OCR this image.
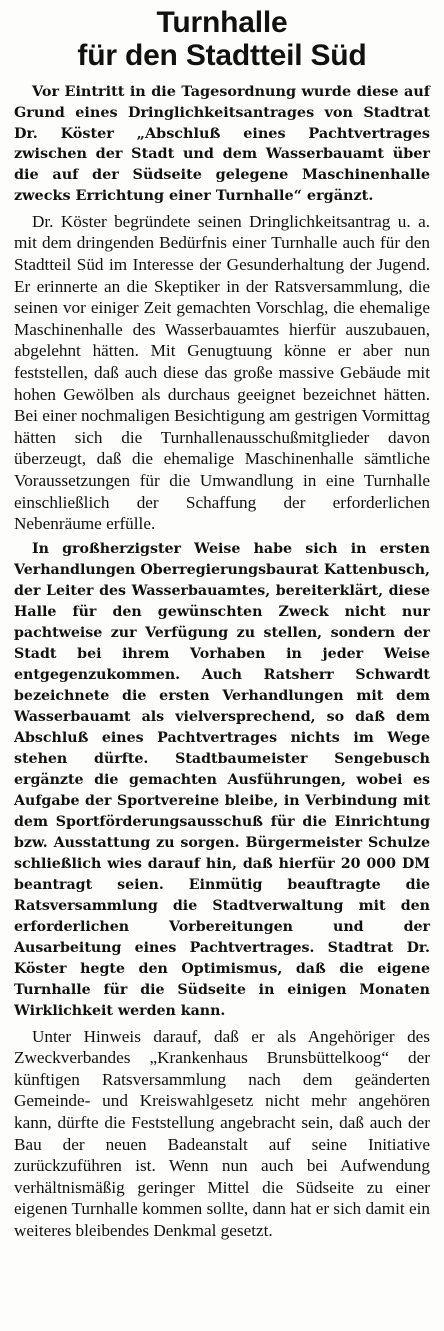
Turnhalle
für den Stadtteil Süd

Vor Eintritt in die Tagesordnung wurde diese auf Grund eines Dringlichkeitsantrages von Stadtrat Dr. Köster „Abschluß eines Pachtvertrages zwischen der Stadt und dem Wasserbauamt über die auf der Südseite gelegene Maschinenhalle zwecks Errichtung einer Turnhalle“ ergänzt.

Dr. Köster begründete seinen Dringlichkeitsantrag u. a. mit dem dringenden Bedürfnis einer Turnhalle auch für den Stadtteil Süd im Interesse der Gesunderhaltung der Jugend. Er erinnerte an die Skeptiker in der Ratsversammlung, die seinen vor einiger Zeit gemachten Vorschlag, die ehemalige Maschinenhalle des Wasserbauamtes hierfür auszubauen, abgelehnt hätten. Mit Genugtuung könne er aber nun feststellen, daß auch diese das große massive Gebäude mit hohen Gewölben als durchaus geeignet bezeichnet hätten. Bei einer nochmaligen Besichtigung am gestrigen Vormittag hätten sich die Turnhallenausschußmitglieder davon überzeugt, daß die ehemalige Maschinenhalle sämtliche Voraussetzungen für die Umwandlung in eine Turnhalle einschließlich der Schaffung der erforderlichen Nebenräume erfülle.

In großherzigster Weise habe sich in ersten Verhandlungen Oberregierungsbaurat Kattenbusch, der Leiter des Wasserbauamtes, bereiterklärt, diese Halle für den gewünschten Zweck nicht nur pachtweise zur Verfügung zu stellen, sondern der Stadt bei ihrem Vorhaben in jeder Weise entgegenzukommen. Auch Ratsherr Schwardt bezeichnete die ersten Verhandlungen mit dem Wasserbauamt als vielversprechend, so daß dem Abschluß eines Pachtvertrages nichts im Wege stehen dürfte. Stadtbaumeister Sengebusch ergänzte die gemachten Ausführungen, wobei es Aufgabe der Sportvereine bleibe, in Verbindung mit dem Sportförderungsausschuß für die Einrichtung bzw. Ausstattung zu sorgen. Bürgermeister Schulze schließlich wies darauf hin, daß hierfür 20 000 DM beantragt seien. Einmütig beauftragte die Ratsversammlung die Stadtverwaltung mit den erforderlichen Vorbereitungen und der Ausarbeitung eines Pachtvertrages. Stadtrat Dr. Köster hegte den Optimismus, daß die eigene Turnhalle für die Südseite in einigen Monaten Wirklichkeit werden kann.

Unter Hinweis darauf, daß er als Angehöriger des Zweckverbandes „Krankenhaus Brunsbüttelkoog“ der künftigen Ratsversammlung nach dem geänderten Gemeinde- und Kreiswahlgesetz nicht mehr angehören kann, dürfte die Feststellung angebracht sein, daß auch der Bau der neuen Badeanstalt auf seine Initiative zurückzuführen ist. Wenn nun auch bei Aufwendung verhältnismäßig geringer Mittel die Südseite zu einer eigenen Turnhalle kommen sollte, dann hat er sich damit ein weiteres bleibendes Denkmal gesetzt.
